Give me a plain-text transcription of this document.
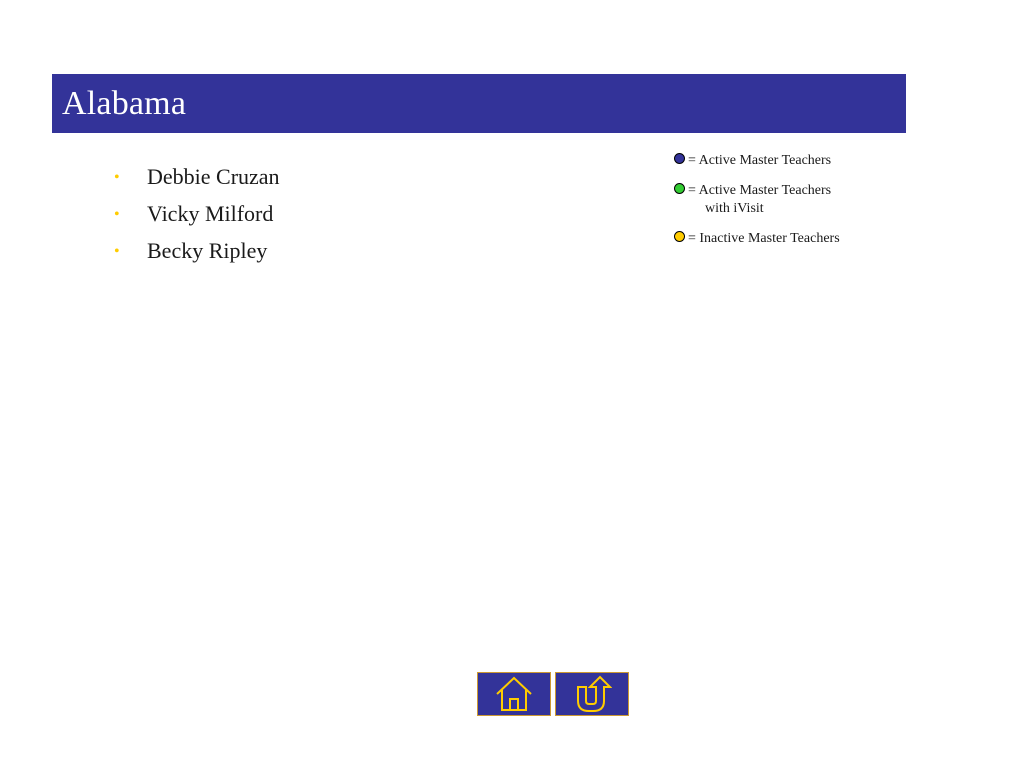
Alabama
•	Debbie Cruzan
•	Vicky Milford
•	Becky Ripley
= Active Master Teachers
= Active Master Teachers
with iVisit
= Inactive Master Teachers
